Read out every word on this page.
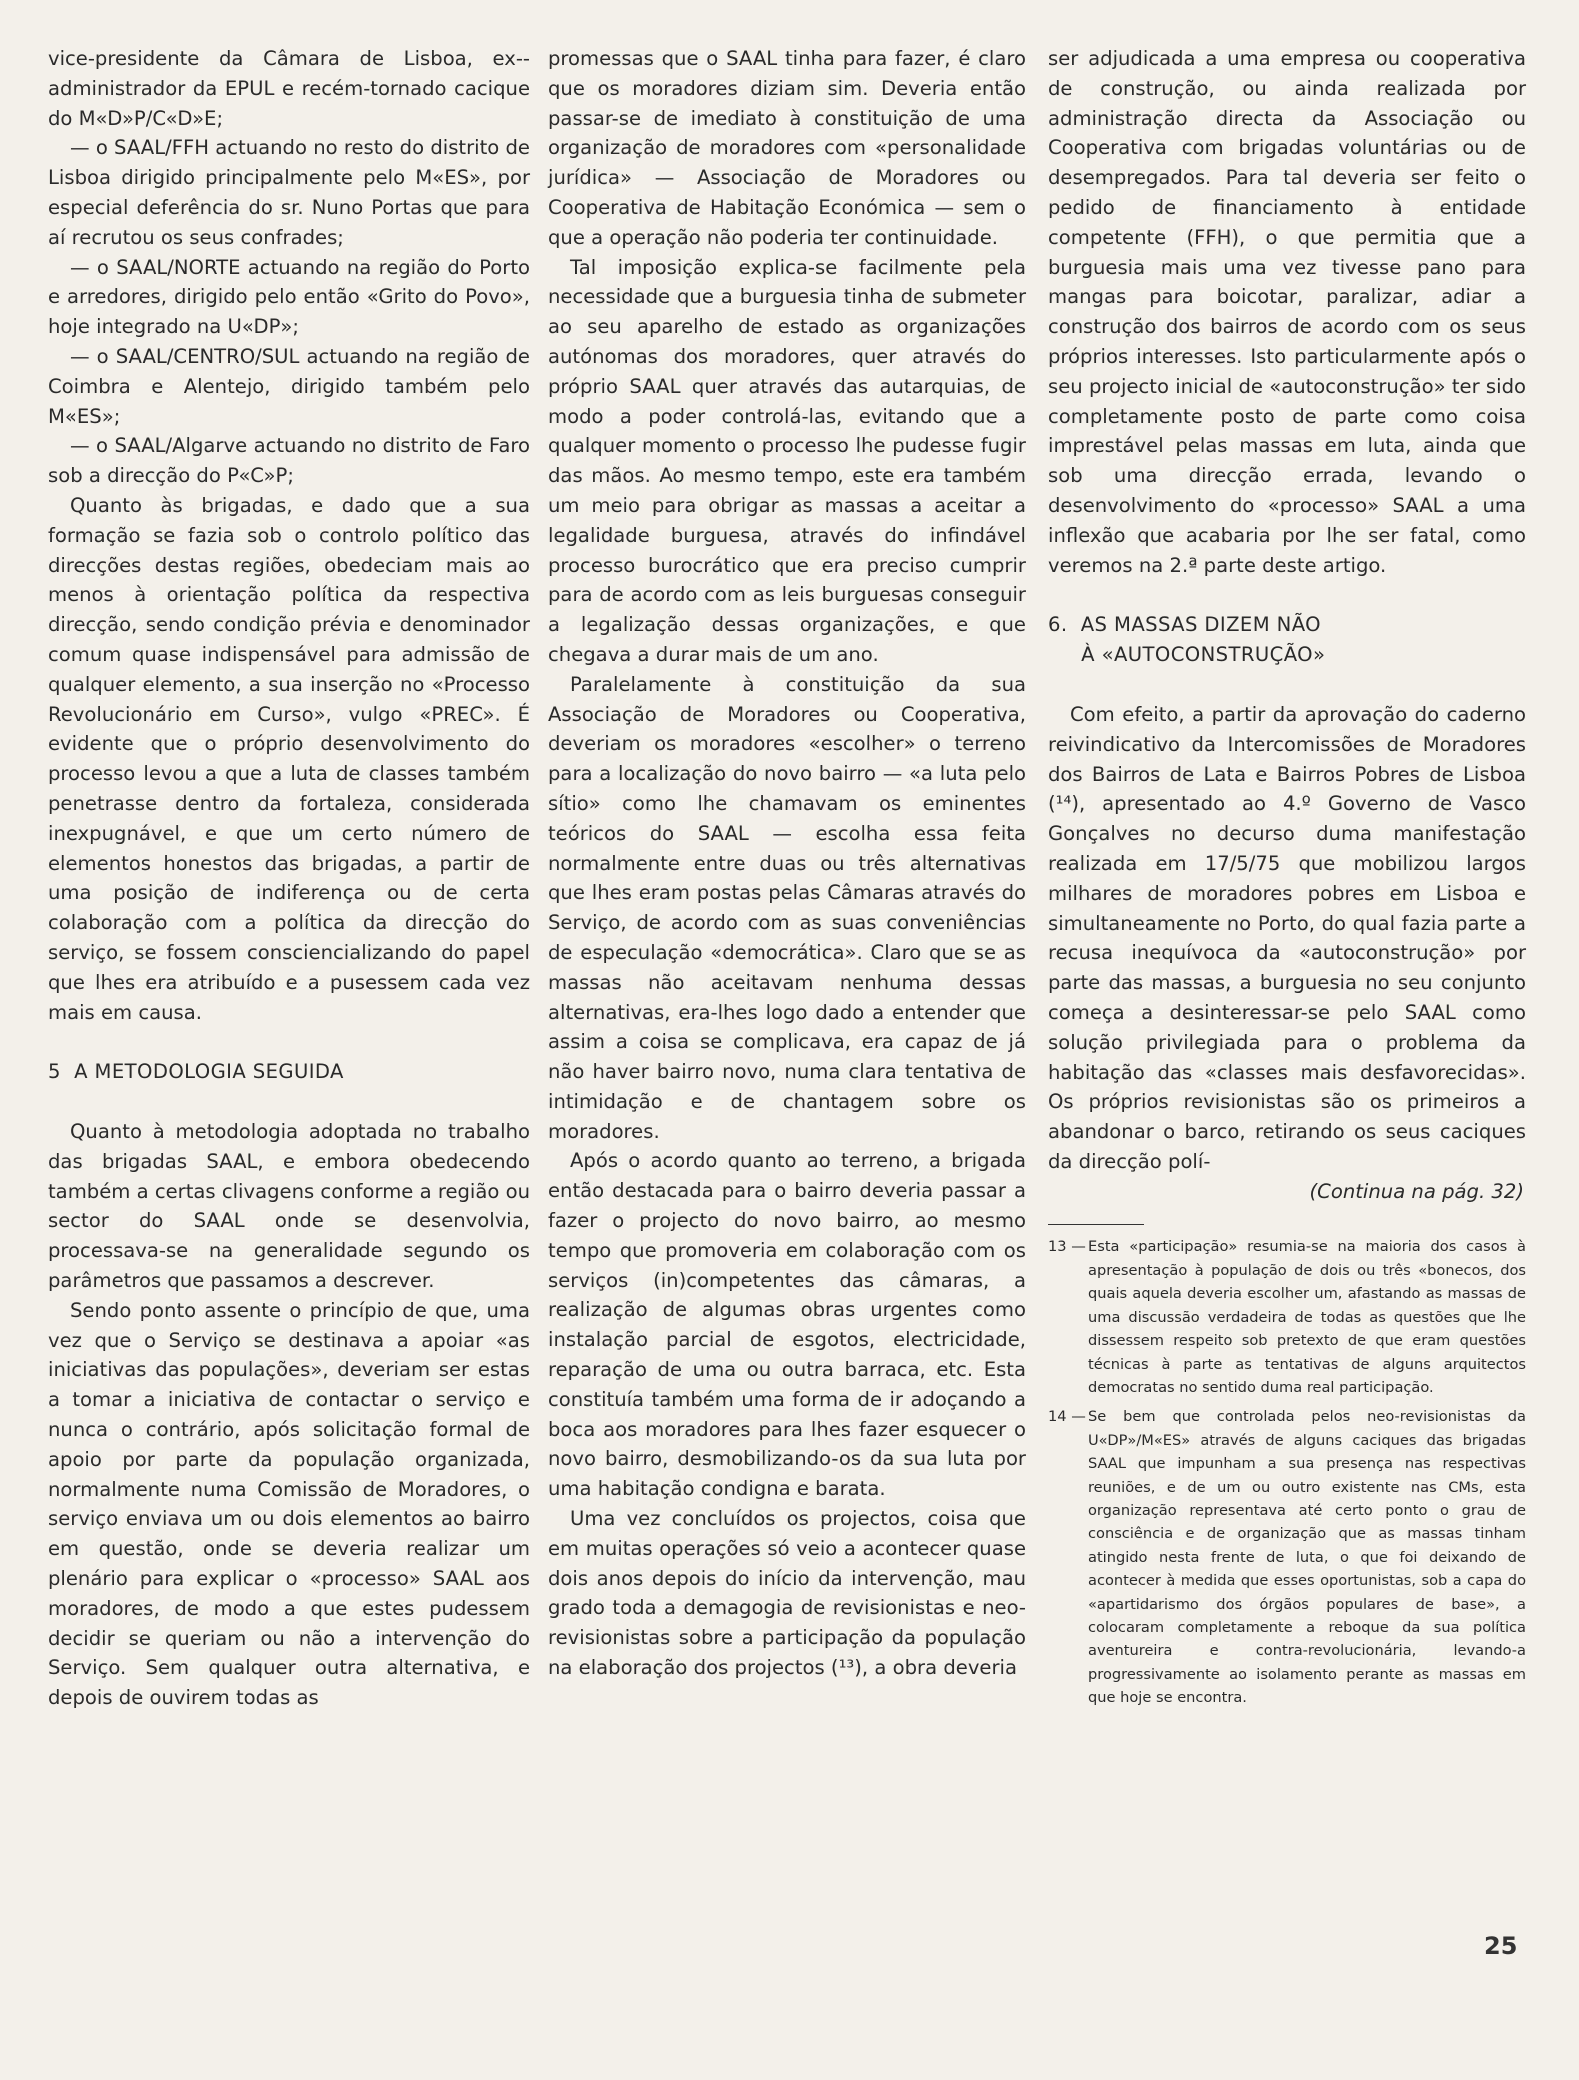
vice-presidente da Câmara de Lisboa, ex--administrador da EPUL e recém-tornado cacique do M«D»P/C«D»E;

— o SAAL/FFH actuando no resto do distrito de Lisboa dirigido principalmente pelo M«ES», por especial deferência do sr. Nuno Portas que para aí recrutou os seus confrades;

— o SAAL/NORTE actuando na região do Porto e arredores, dirigido pelo então «Grito do Povo», hoje integrado na U«DP»;

— o SAAL/CENTRO/SUL actuando na região de Coimbra e Alentejo, dirigido também pelo M«ES»;

— o SAAL/Algarve actuando no distrito de Faro sob a direcção do P«C»P;

Quanto às brigadas, e dado que a sua formação se fazia sob o controlo político das direcções destas regiões, obedeciam mais ao menos à orientação política da respectiva direcção, sendo condição prévia e denominador comum quase indispensável para admissão de qualquer elemento, a sua inserção no «Processo Revolucionário em Curso», vulgo «PREC». É evidente que o próprio desenvolvimento do processo levou a que a luta de classes também penetrasse dentro da fortaleza, considerada inexpugnável, e que um certo número de elementos honestos das brigadas, a partir de uma posição de indiferença ou de certa colaboração com a política da direcção do serviço, se fossem consciencializando do papel que lhes era atribuído e a pusessem cada vez mais em causa.

5  A METODOLOGIA SEGUIDA

Quanto à metodologia adoptada no trabalho das brigadas SAAL, e embora obedecendo também a certas clivagens conforme a região ou sector do SAAL onde se desenvolvia, processava-se na generalidade segundo os parâmetros que passamos a descrever.

Sendo ponto assente o princípio de que, uma vez que o Serviço se destinava a apoiar «as iniciativas das populações», deveriam ser estas a tomar a iniciativa de contactar o serviço e nunca o contrário, após solicitação formal de apoio por parte da população organizada, normalmente numa Comissão de Moradores, o serviço enviava um ou dois elementos ao bairro em questão, onde se deveria realizar um plenário para explicar o «processo» SAAL aos moradores, de modo a que estes pudessem decidir se queriam ou não a intervenção do Serviço. Sem qualquer outra alternativa, e depois de ouvirem todas as

promessas que o SAAL tinha para fazer, é claro que os moradores diziam sim. Deveria então passar-se de imediato à constituição de uma organização de moradores com «personalidade jurídica» — Associação de Moradores ou Cooperativa de Habitação Económica — sem o que a operação não poderia ter continuidade.

Tal imposição explica-se facilmente pela necessidade que a burguesia tinha de submeter ao seu aparelho de estado as organizações autónomas dos moradores, quer através do próprio SAAL quer através das autarquias, de modo a poder controlá-las, evitando que a qualquer momento o processo lhe pudesse fugir das mãos. Ao mesmo tempo, este era também um meio para obrigar as massas a aceitar a legalidade burguesa, através do infindável processo burocrático que era preciso cumprir para de acordo com as leis burguesas conseguir a legalização dessas organizações, e que chegava a durar mais de um ano.

Paralelamente à constituição da sua Associação de Moradores ou Cooperativa, deveriam os moradores «escolher» o terreno para a localização do novo bairro — «a luta pelo sítio» como lhe chamavam os eminentes teóricos do SAAL — escolha essa feita normalmente entre duas ou três alternativas que lhes eram postas pelas Câmaras através do Serviço, de acordo com as suas conveniências de especulação «democrática». Claro que se as massas não aceitavam nenhuma dessas alternativas, era-lhes logo dado a entender que assim a coisa se complicava, era capaz de já não haver bairro novo, numa clara tentativa de intimidação e de chantagem sobre os moradores.

Após o acordo quanto ao terreno, a brigada então destacada para o bairro deveria passar a fazer o projecto do novo bairro, ao mesmo tempo que promoveria em colaboração com os serviços (in)competentes das câmaras, a realização de algumas obras urgentes como instalação parcial de esgotos, electricidade, reparação de uma ou outra barraca, etc. Esta constituía também uma forma de ir adoçando a boca aos moradores para lhes fazer esquecer o novo bairro, desmobilizando-os da sua luta por uma habitação condigna e barata.

Uma vez concluídos os projectos, coisa que em muitas operações só veio a acontecer quase dois anos depois do início da intervenção, mau grado toda a demagogia de revisionistas e neo-revisionistas sobre a participação da população na elaboração dos projectos (¹³), a obra deveria

ser adjudicada a uma empresa ou cooperativa de construção, ou ainda realizada por administração directa da Associação ou Cooperativa com brigadas voluntárias ou de desempregados. Para tal deveria ser feito o pedido de financiamento à entidade competente (FFH), o que permitia que a burguesia mais uma vez tivesse pano para mangas para boicotar, paralizar, adiar a construção dos bairros de acordo com os seus próprios interesses. Isto particularmente após o seu projecto inicial de «autoconstrução» ter sido completamente posto de parte como coisa imprestável pelas massas em luta, ainda que sob uma direcção errada, levando o desenvolvimento do «processo» SAAL a uma inflexão que acabaria por lhe ser fatal, como veremos na 2.ª parte deste artigo.

6.  AS MASSAS DIZEM NÃO
À «AUTOCONSTRUÇÃO»

Com efeito, a partir da aprovação do caderno reivindicativo da Intercomissões de Moradores dos Bairros de Lata e Bairros Pobres de Lisboa (¹⁴), apresentado ao 4.º Governo de Vasco Gonçalves no decurso duma manifestação realizada em 17/5/75 que mobilizou largos milhares de moradores pobres em Lisboa e simultaneamente no Porto, do qual fazia parte a recusa inequívoca da «autoconstrução» por parte das massas, a burguesia no seu conjunto começa a desinteressar-se pelo SAAL como solução privilegiada para o problema da habitação das «classes mais desfavorecidas». Os próprios revisionistas são os primeiros a abandonar o barco, retirando os seus caciques da direcção polí-

(Continua na pág. 32)

13 — Esta «participação» resumia-se na maioria dos casos à apresentação à população de dois ou três «bonecos, dos quais aquela deveria escolher um, afastando as massas de uma discussão verdadeira de todas as questões que lhe dissessem respeito sob pretexto de que eram questões técnicas à parte as tentativas de alguns arquitectos democratas no sentido duma real participação.

14 — Se bem que controlada pelos neo-revisionistas da U«DP»/M«ES» através de alguns caciques das brigadas SAAL que impunham a sua presença nas respectivas reuniões, e de um ou outro existente nas CMs, esta organização representava até certo ponto o grau de consciência e de organização que as massas tinham atingido nesta frente de luta, o que foi deixando de acontecer à medida que esses oportunistas, sob a capa do «apartidarismo dos órgãos populares de base», a colocaram completamente a reboque da sua política aventureira e contra-revolucionária, levando-a progressivamente ao isolamento perante as massas em que hoje se encontra.

25
